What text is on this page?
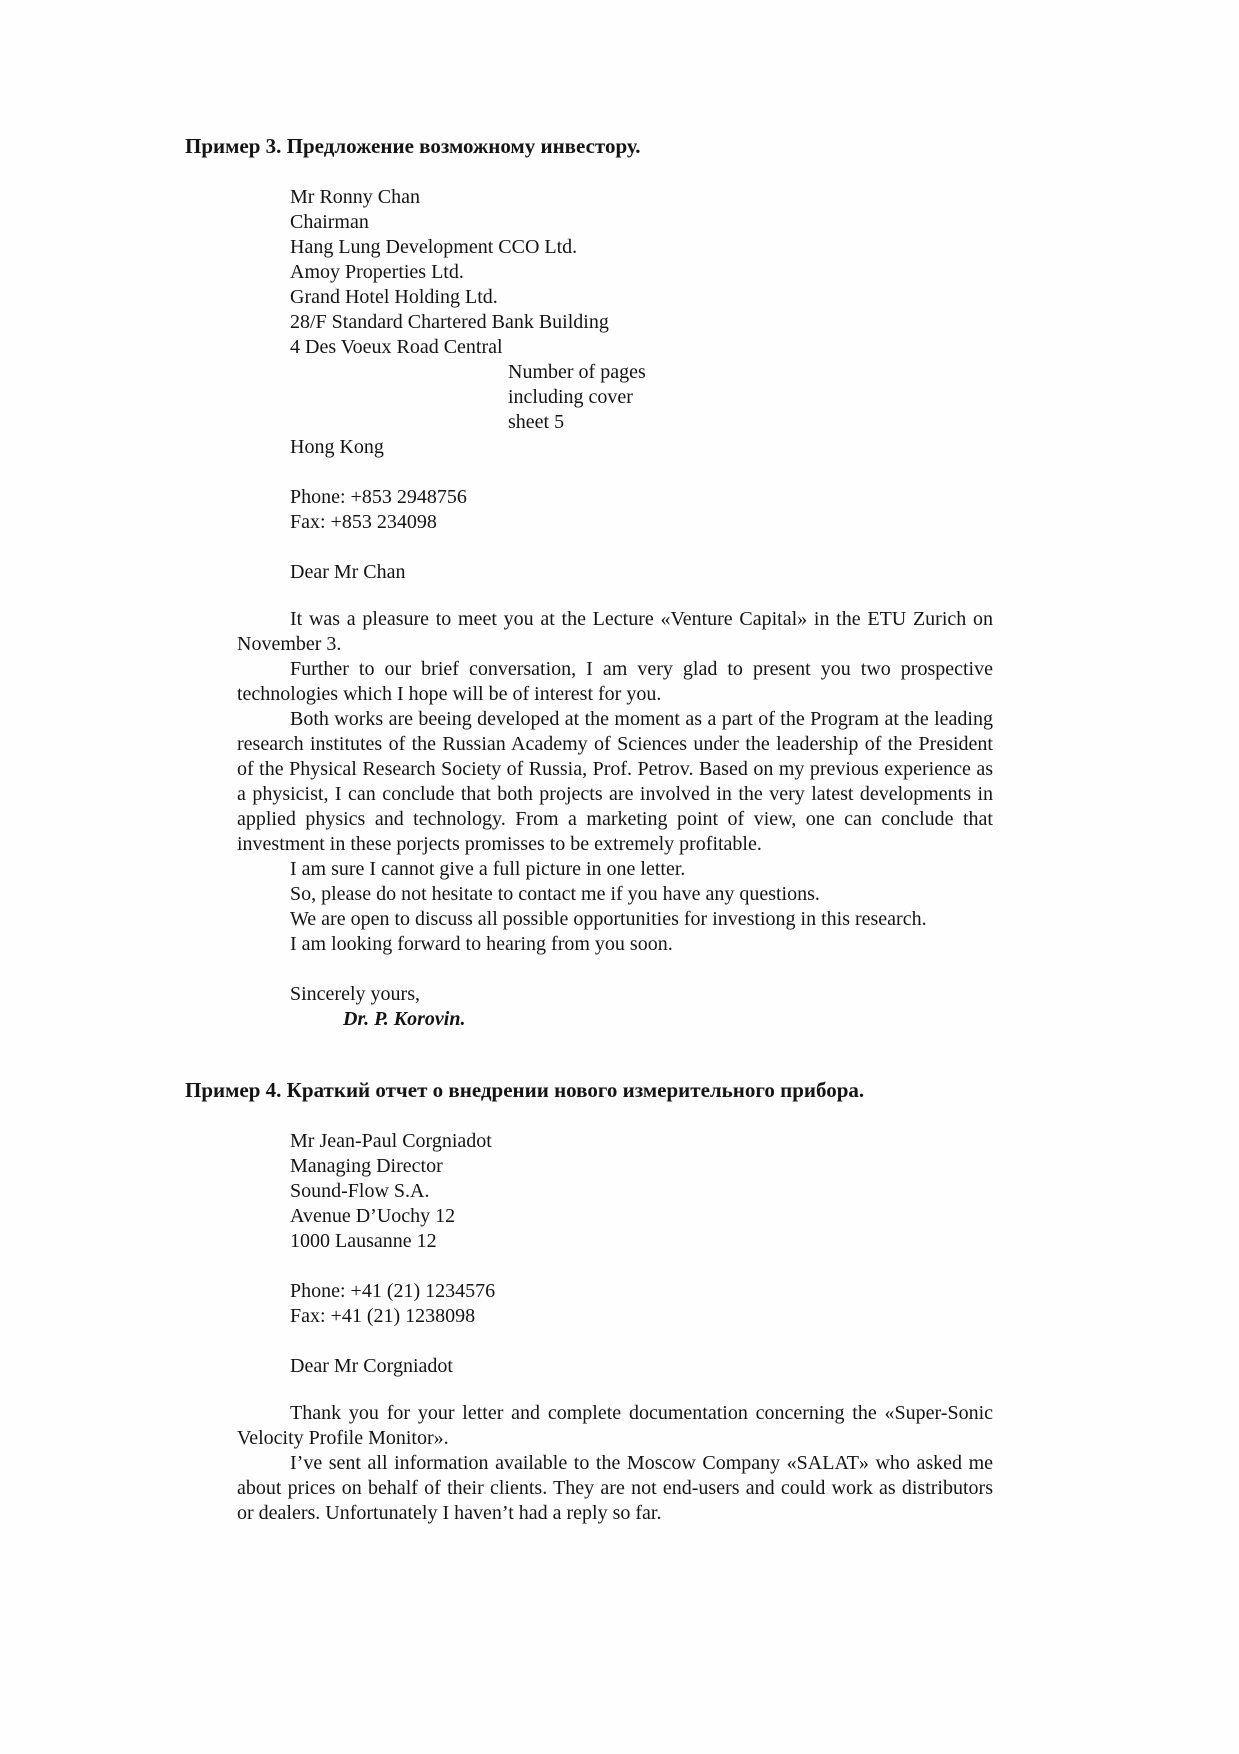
Пример 3. Предложение возможному инвестору.
Mr Ronny Chan
Chairman
Hang Lung Development CCO Ltd.
Amoy Properties Ltd.
Grand Hotel Holding Ltd.
28/F Standard Chartered Bank Building
4 Des Voeux Road Central
Number of pages
including cover
sheet 5
Hong Kong
Phone: +853 2948756
Fax: +853 234098
Dear Mr Chan

It was a pleasure to meet you at the Lecture «Venture Capital» in the ETU Zurich on November 3.

Further to our brief conversation, I am very glad to present you two prospective technologies which I hope will be of interest for you.

Both works are beeing developed at the moment as a part of the Program at the leading research institutes of the Russian Academy of Sciences under the leadership of the President of the Physical Research Society of Russia, Prof. Petrov. Based on my previous experience as a physicist, I can conclude that both projects are involved in the very latest developments in applied physics and technology. From a marketing point of view, one can conclude that investment in these porjects promisses to be extremely profitable.

I am sure I cannot give a full picture in one letter.

So, please do not hesitate to contact me if you have any questions.

We are open to discuss all possible opportunities for investiong in this research.

I am looking forward to hearing from you soon.

Sincerely yours,
Dr. P. Korovin.
Пример 4. Краткий отчет о внедрении нового измерительного прибора.
Mr Jean-Paul Corgniadot
Managing Director
Sound-Flow S.A.
Avenue D’Uochy 12
1000 Lausanne 12
Phone: +41 (21) 1234576
Fax: +41 (21) 1238098
Dear Mr Corgniadot

Thank you for your letter and complete documentation concerning the «Super-Sonic Velocity Profile Monitor».

I’ve sent all information available to the Moscow Company «SALAT» who asked me about prices on behalf of their clients. They are not end-users and could work as distributors or dealers. Unfortunately I haven’t had a reply so far.
